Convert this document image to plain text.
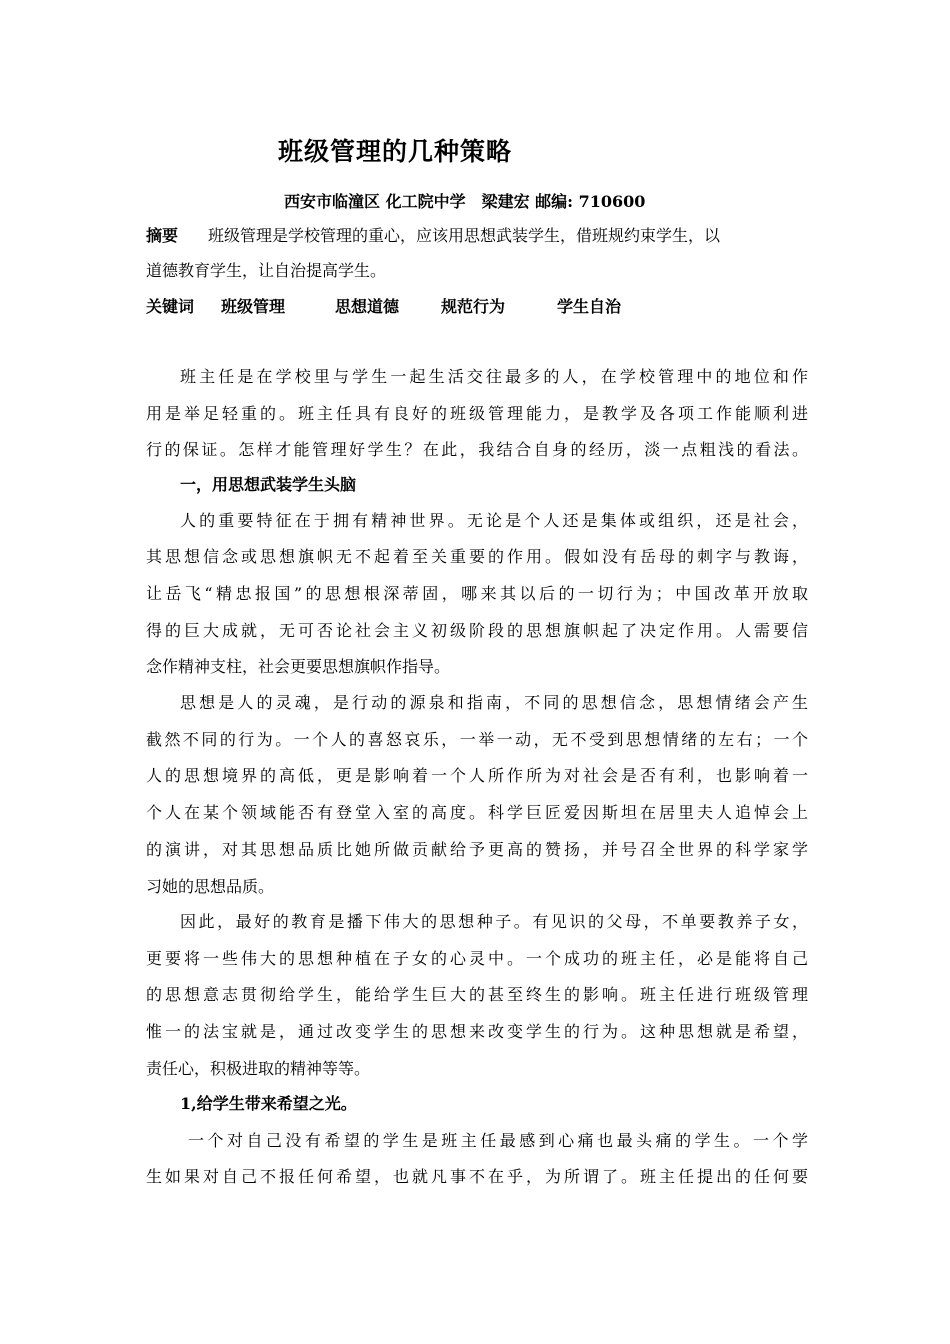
班级管理的几种策略
西安市临潼区 化工院中学　梁建宏 邮编: 710600
摘要 班级管理是学校管理的重心，应该用思想武装学生，借班规约束学生，以
道德教育学生，让自治提高学生。
关键词 班级管理	思想道德	规范行为	学生自治
班主任是在学校里与学生一起生活交往最多的人，在学校管理中的地位和作
用是举足轻重的。班主任具有良好的班级管理能力，是教学及各项工作能顺利进
行的保证。怎样才能管理好学生？在此，我结合自身的经历，淡一点粗浅的看法。
一，用思想武装学生头脑
人的重要特征在于拥有精神世界。无论是个人还是集体或组织，还是社会，
其思想信念或思想旗帜无不起着至关重要的作用。假如没有岳母的刺字与教诲，
让岳飞“精忠报国”的思想根深蒂固，哪来其以后的一切行为；中国改革开放取
得的巨大成就，无可否论社会主义初级阶段的思想旗帜起了决定作用。人需要信
念作精神支柱，社会更要思想旗帜作指导。
思想是人的灵魂，是行动的源泉和指南，不同的思想信念，思想情绪会产生
截然不同的行为。一个人的喜怒哀乐，一举一动，无不受到思想情绪的左右；一个
人的思想境界的高低，更是影响着一个人所作所为对社会是否有利，也影响着一
个人在某个领域能否有登堂入室的高度。科学巨匠爱因斯坦在居里夫人追悼会上
的演讲，对其思想品质比她所做贡献给予更高的赞扬，并号召全世界的科学家学
习她的思想品质。
因此，最好的教育是播下伟大的思想种子。有见识的父母，不单要教养子女，
更要将一些伟大的思想种植在子女的心灵中。一个成功的班主任，必是能将自己
的思想意志贯彻给学生，能给学生巨大的甚至终生的影响。班主任进行班级管理
惟一的法宝就是，通过改变学生的思想来改变学生的行为。这种思想就是希望，
责任心，积极进取的精神等等。
1,给学生带来希望之光。
一个对自己没有希望的学生是班主任最感到心痛也最头痛的学生。一个学
生如果对自己不报任何希望，也就凡事不在乎，为所谓了。班主任提出的任何要
